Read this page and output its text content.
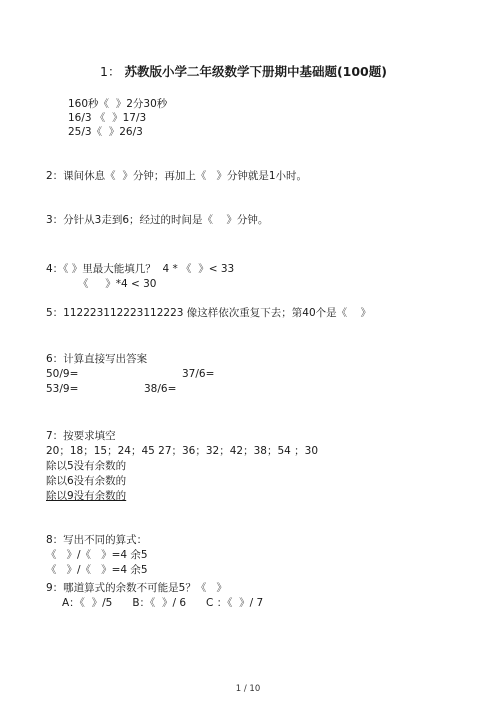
1： 苏教版小学二年级数学下册期中基础题(100题)
160秒《  》2分30秒
16/3 《  》17/3
25/3《  》26/3
2：课间休息《  》分钟；再加上《   》分钟就是1小时。
3：分针从3走到6；经过的时间是《    》分钟。
4：《 》里最大能填几？  4 * 《  》< 33
《     》*4 < 30
5：112223112223112223 像这样依次重复下去；第40个是《    》
6：计算直接写出答案
50/9=	37/6=
53/9=	38/6=
7：按要求填空
20；18；15；24；45 27；36；32；42；38；54 ；30
除以5没有余数的
除以6没有余数的
除以9没有余数的
8：写出不同的算式：
《   》/《   》=4 余5
《   》/《   》=4 余5
9：哪道算式的余数不可能是5？《   》
A：《  》/5      B：《  》/ 6      C ：《  》/ 7
1 / 10
